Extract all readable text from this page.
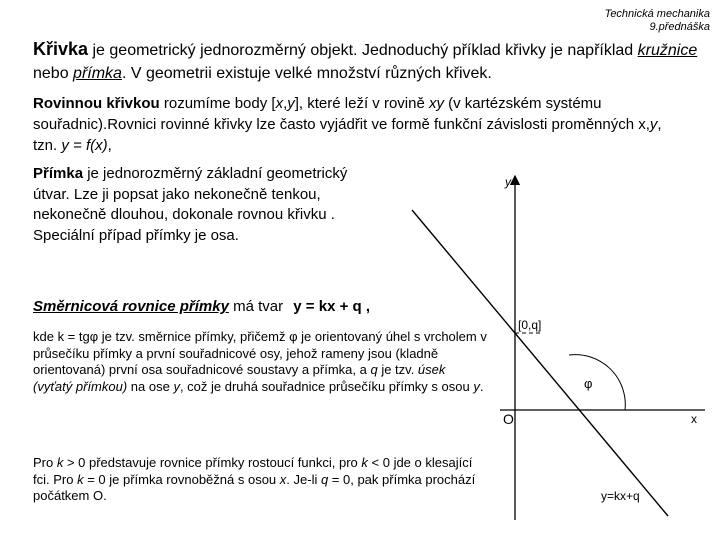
Technická mechanika
9.přednáška

Křivka je geometrický jednorozměrný objekt. Jednoduchý příklad křivky je například kružnice nebo přímka. V geometrii existuje velké množství různých křivek.

Rovinnou křivkou rozumíme body [x,y], které leží v rovině xy (v kartézském systému souřadnic).Rovnici rovinné křivky lze často vyjádřit ve formě funkční závislosti proměnných x,y, tzn. y = f(x),

Přímka je jednorozměrný základní geometrický útvar. Lze ji popsat jako nekonečně tenkou, nekonečně dlouhou, dokonale rovnou křivku . Speciální případ přímky je osa.

Směrnicová rovnice přímky má tvar y = kx + q ,

kde k = tgφ je tzv. směrnice přímky, přičemž φ je orientovaný úhel s vrcholem v průsečíku přímky a první souřadnicové osy, jehož rameny jsou (kladně orientovaná) první osa souřadnicové soustavy a přímka, a q je tzv. úsek (vyťatý přímkou) na ose y, což je druhá souřadnice průsečíku přímky s osou y.

Pro k > 0 představuje rovnice přímky rostoucí funkci, pro k < 0 jde o klesající fci. Pro k = 0 je přímka rovnoběžná s osou x. Je-li q = 0, pak přímka prochází počátkem O.

y
x
O
[0,q]
φ
y=kx+q
